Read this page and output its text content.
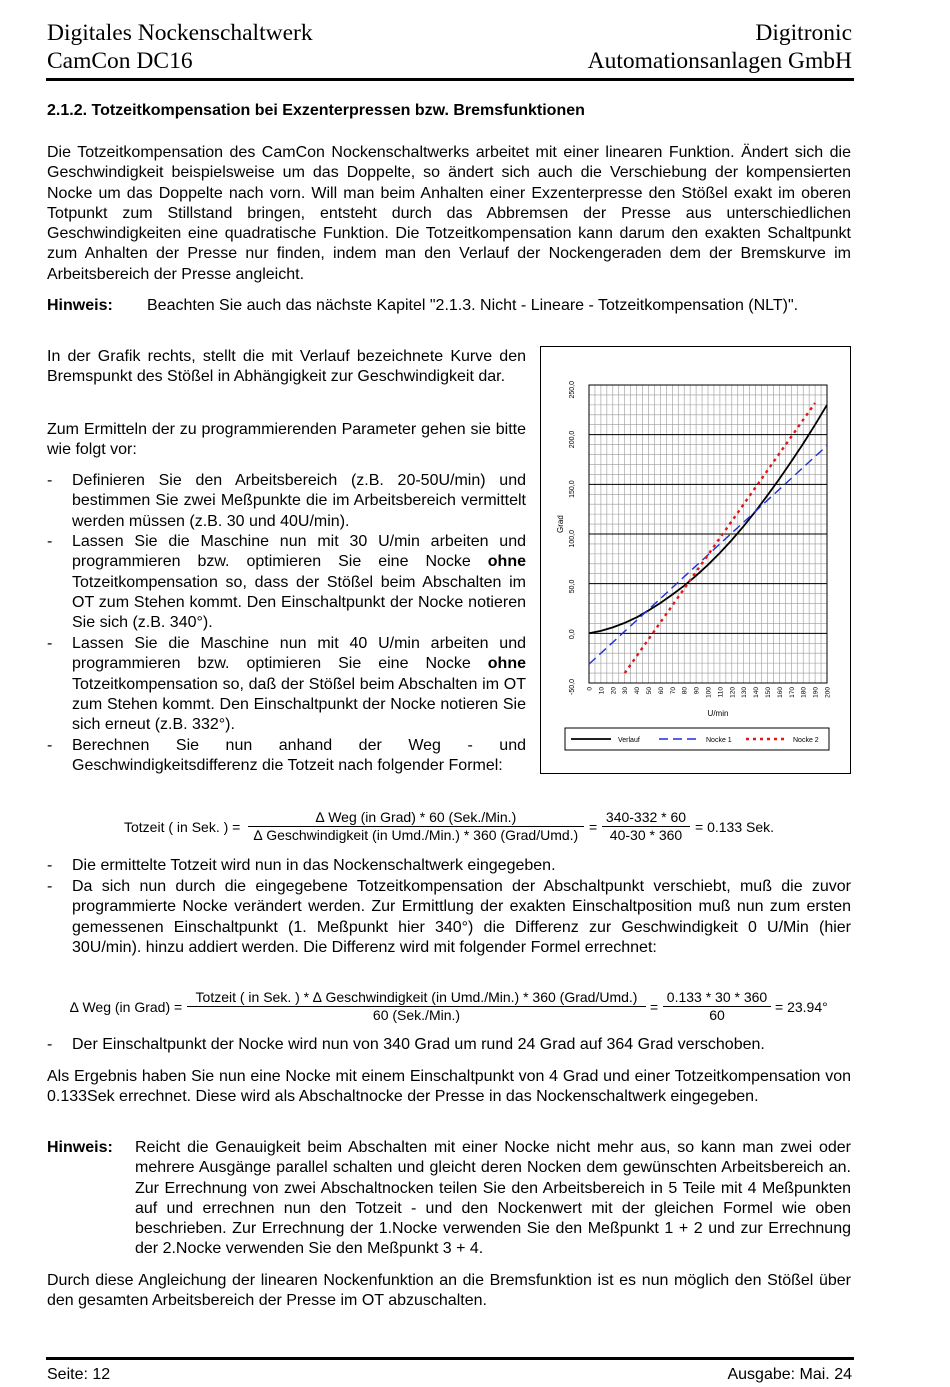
Digitales Nockenschaltwerk
CamCon DC16
Digitronic
Automationsanlagen GmbH
2.1.2. Totzeitkompensation bei Exzenterpressen bzw. Bremsfunktionen

Die Totzeitkompensation des CamCon Nockenschaltwerks arbeitet mit einer linearen Funktion. Ändert sich die Geschwindigkeit beispielsweise um das Doppelte, so ändert sich auch die Verschiebung der kompensierten Nocke um das Doppelte nach vorn. Will man beim Anhalten einer Exzenterpresse den Stößel exakt im oberen Totpunkt zum Stillstand bringen, entsteht durch das Abbremsen der Presse aus unterschiedlichen Geschwindigkeiten eine quadratische Funktion. Die Totzeitkompensation kann darum den exakten Schaltpunkt zum Anhalten der Presse nur finden, indem man den Verlauf der Nockengeraden dem der Bremskurve im Arbeitsbereich der Presse angleicht.

Hinweis: Beachten Sie auch das nächste Kapitel "2.1.3. Nicht - Lineare - Totzeitkompensation (NLT)".

In der Grafik rechts, stellt die mit Verlauf bezeichnete Kurve den Bremspunkt des Stößel in Abhängigkeit zur Geschwindigkeit dar.

Zum Ermitteln der zu programmierenden Parameter gehen sie bitte wie folgt vor:

- Definieren Sie den Arbeitsbereich (z.B. 20-50U/min) und bestimmen Sie zwei Meßpunkte die im Arbeitsbereich vermittelt werden müssen (z.B. 30 und 40U/min).

- Lassen Sie die Maschine nun mit 30 U/min arbeiten und programmieren bzw. optimieren Sie eine Nocke ohne Totzeitkompensation so, dass der Stößel beim Abschalten im OT zum Stehen kommt. Den Einschaltpunkt der Nocke notieren Sie sich (z.B. 340°).

- Lassen Sie die Maschine nun mit 40 U/min arbeiten und programmieren bzw. optimieren Sie eine Nocke ohne Totzeitkompensation so, daß der Stößel beim Abschalten im OT zum Stehen kommt. Den Einschaltpunkt der Nocke notieren Sie sich erneut (z.B. 332°).

- Berechnen Sie nun anhand der Weg - und Geschwindigkeitsdifferenz die Totzeit nach folgender Formel:

-50,0
0,0
50,0
100,0
150,0
200,0
250,0
0 10 20 30 40 50 60 70 80 90 100 110 120 130 140 150 160 170 180 190 200
Grad
U/min
Verlauf	Nocke 1	Nocke 2
Totzeit ( in Sek. ) =
∆ Weg (in Grad) * 60 (Sek./Min.)
∆ Geschwindigkeit (in Umd./Min.) * 360 (Grad/Umd.) =
340-332 * 60
40-30 * 360 = 0.133 Sek.
- Die ermittelte Totzeit wird nun in das Nockenschaltwerk eingegeben.

- Da sich nun durch die eingegebene Totzeitkompensation der Abschaltpunkt verschiebt, muß die zuvor programmierte Nocke verändert werden. Zur Ermittlung der exakten Einschaltposition muß nun zum ersten gemessenen Einschaltpunkt (1. Meßpunkt hier 340°) die Differenz zur Geschwindigkeit 0 U/Min (hier 30U/min). hinzu addiert werden. Die Differenz wird mit folgender Formel errechnet:

∆ Weg (in Grad) =
Totzeit ( in Sek. ) * ∆ Geschwindigkeit (in Umd./Min.) * 360 (Grad/Umd.)
60 (Sek./Min.)	=
0.133 * 30 * 360
60	= 23.94°
- Der Einschaltpunkt der Nocke wird nun von 340 Grad um rund 24 Grad auf 364 Grad verschoben.

Als Ergebnis haben Sie nun eine Nocke mit einem Einschaltpunkt von 4 Grad und einer Totzeitkompensation von 0.133Sek errechnet. Diese wird als Abschaltnocke der Presse in das Nockenschaltwerk eingegeben.

Hinweis: Reicht die Genauigkeit beim Abschalten mit einer Nocke nicht mehr aus, so kann man zwei oder mehrere Ausgänge parallel schalten und gleicht deren Nocken dem gewünschten Arbeitsbereich an. Zur Errechnung von zwei Abschaltnocken teilen Sie den Arbeitsbereich in 5 Teile mit 4 Meßpunkten auf und errechnen nun den Totzeit - und den Nockenwert mit der gleichen Formel wie oben beschrieben. Zur Errechnung der 1.Nocke verwenden Sie den Meßpunkt 1 + 2 und zur Errechnung der 2.Nocke verwenden Sie den Meßpunkt 3 + 4.

Durch diese Angleichung der linearen Nockenfunktion an die Bremsfunktion ist es nun möglich den Stößel über den gesamten Arbeitsbereich der Presse im OT abzuschalten.

Seite: 12	Ausgabe: Mai. 24
